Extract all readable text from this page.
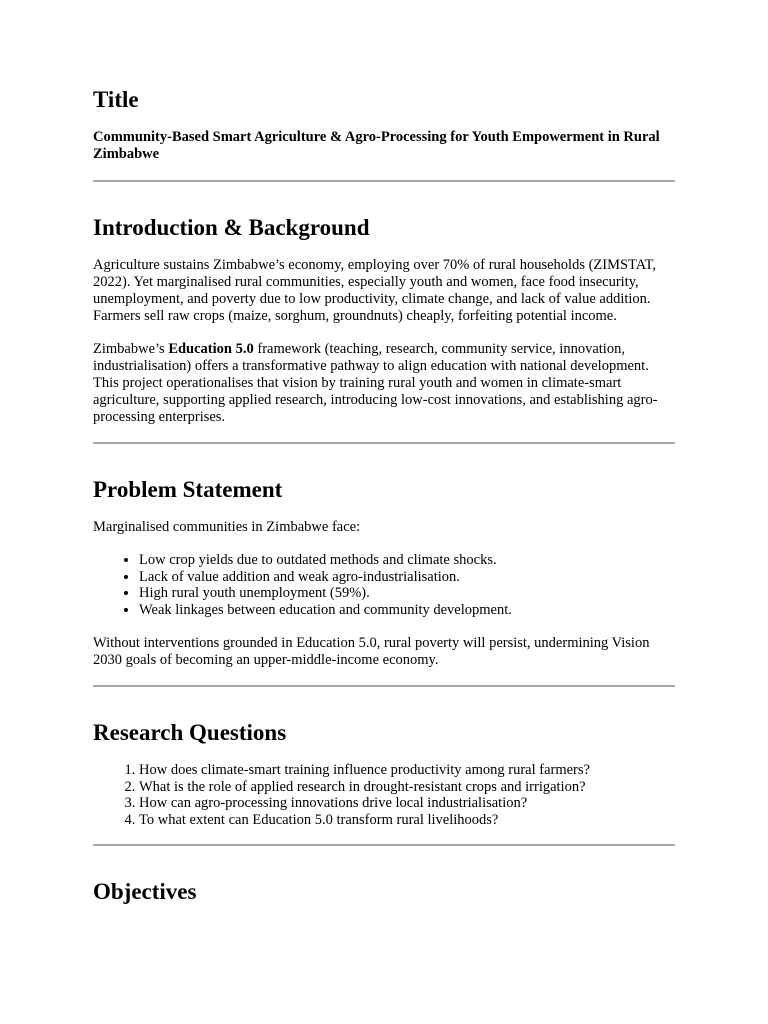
Title
Community-Based Smart Agriculture & Agro-Processing for Youth Empowerment in Rural Zimbabwe
Introduction & Background

Agriculture sustains Zimbabwe’s economy, employing over 70% of rural households (ZIMSTAT, 2022). Yet marginalised rural communities, especially youth and women, face food insecurity, unemployment, and poverty due to low productivity, climate change, and lack of value addition. Farmers sell raw crops (maize, sorghum, groundnuts) cheaply, forfeiting potential income.

Zimbabwe’s Education 5.0 framework (teaching, research, community service, innovation, industrialisation) offers a transformative pathway to align education with national development. This project operationalises that vision by training rural youth and women in climate-smart agriculture, supporting applied research, introducing low-cost innovations, and establishing agro-processing enterprises.

Problem Statement

Marginalised communities in Zimbabwe face:

• Low crop yields due to outdated methods and climate shocks.
• Lack of value addition and weak agro-industrialisation.
• High rural youth unemployment (59%).
• Weak linkages between education and community development.

Without interventions grounded in Education 5.0, rural poverty will persist, undermining Vision 2030 goals of becoming an upper-middle-income economy.

Research Questions
1. How does climate-smart training influence productivity among rural farmers?
2. What is the role of applied research in drought-resistant crops and irrigation?
3. How can agro-processing innovations drive local industrialisation?
4. To what extent can Education 5.0 transform rural livelihoods?
Objectives
